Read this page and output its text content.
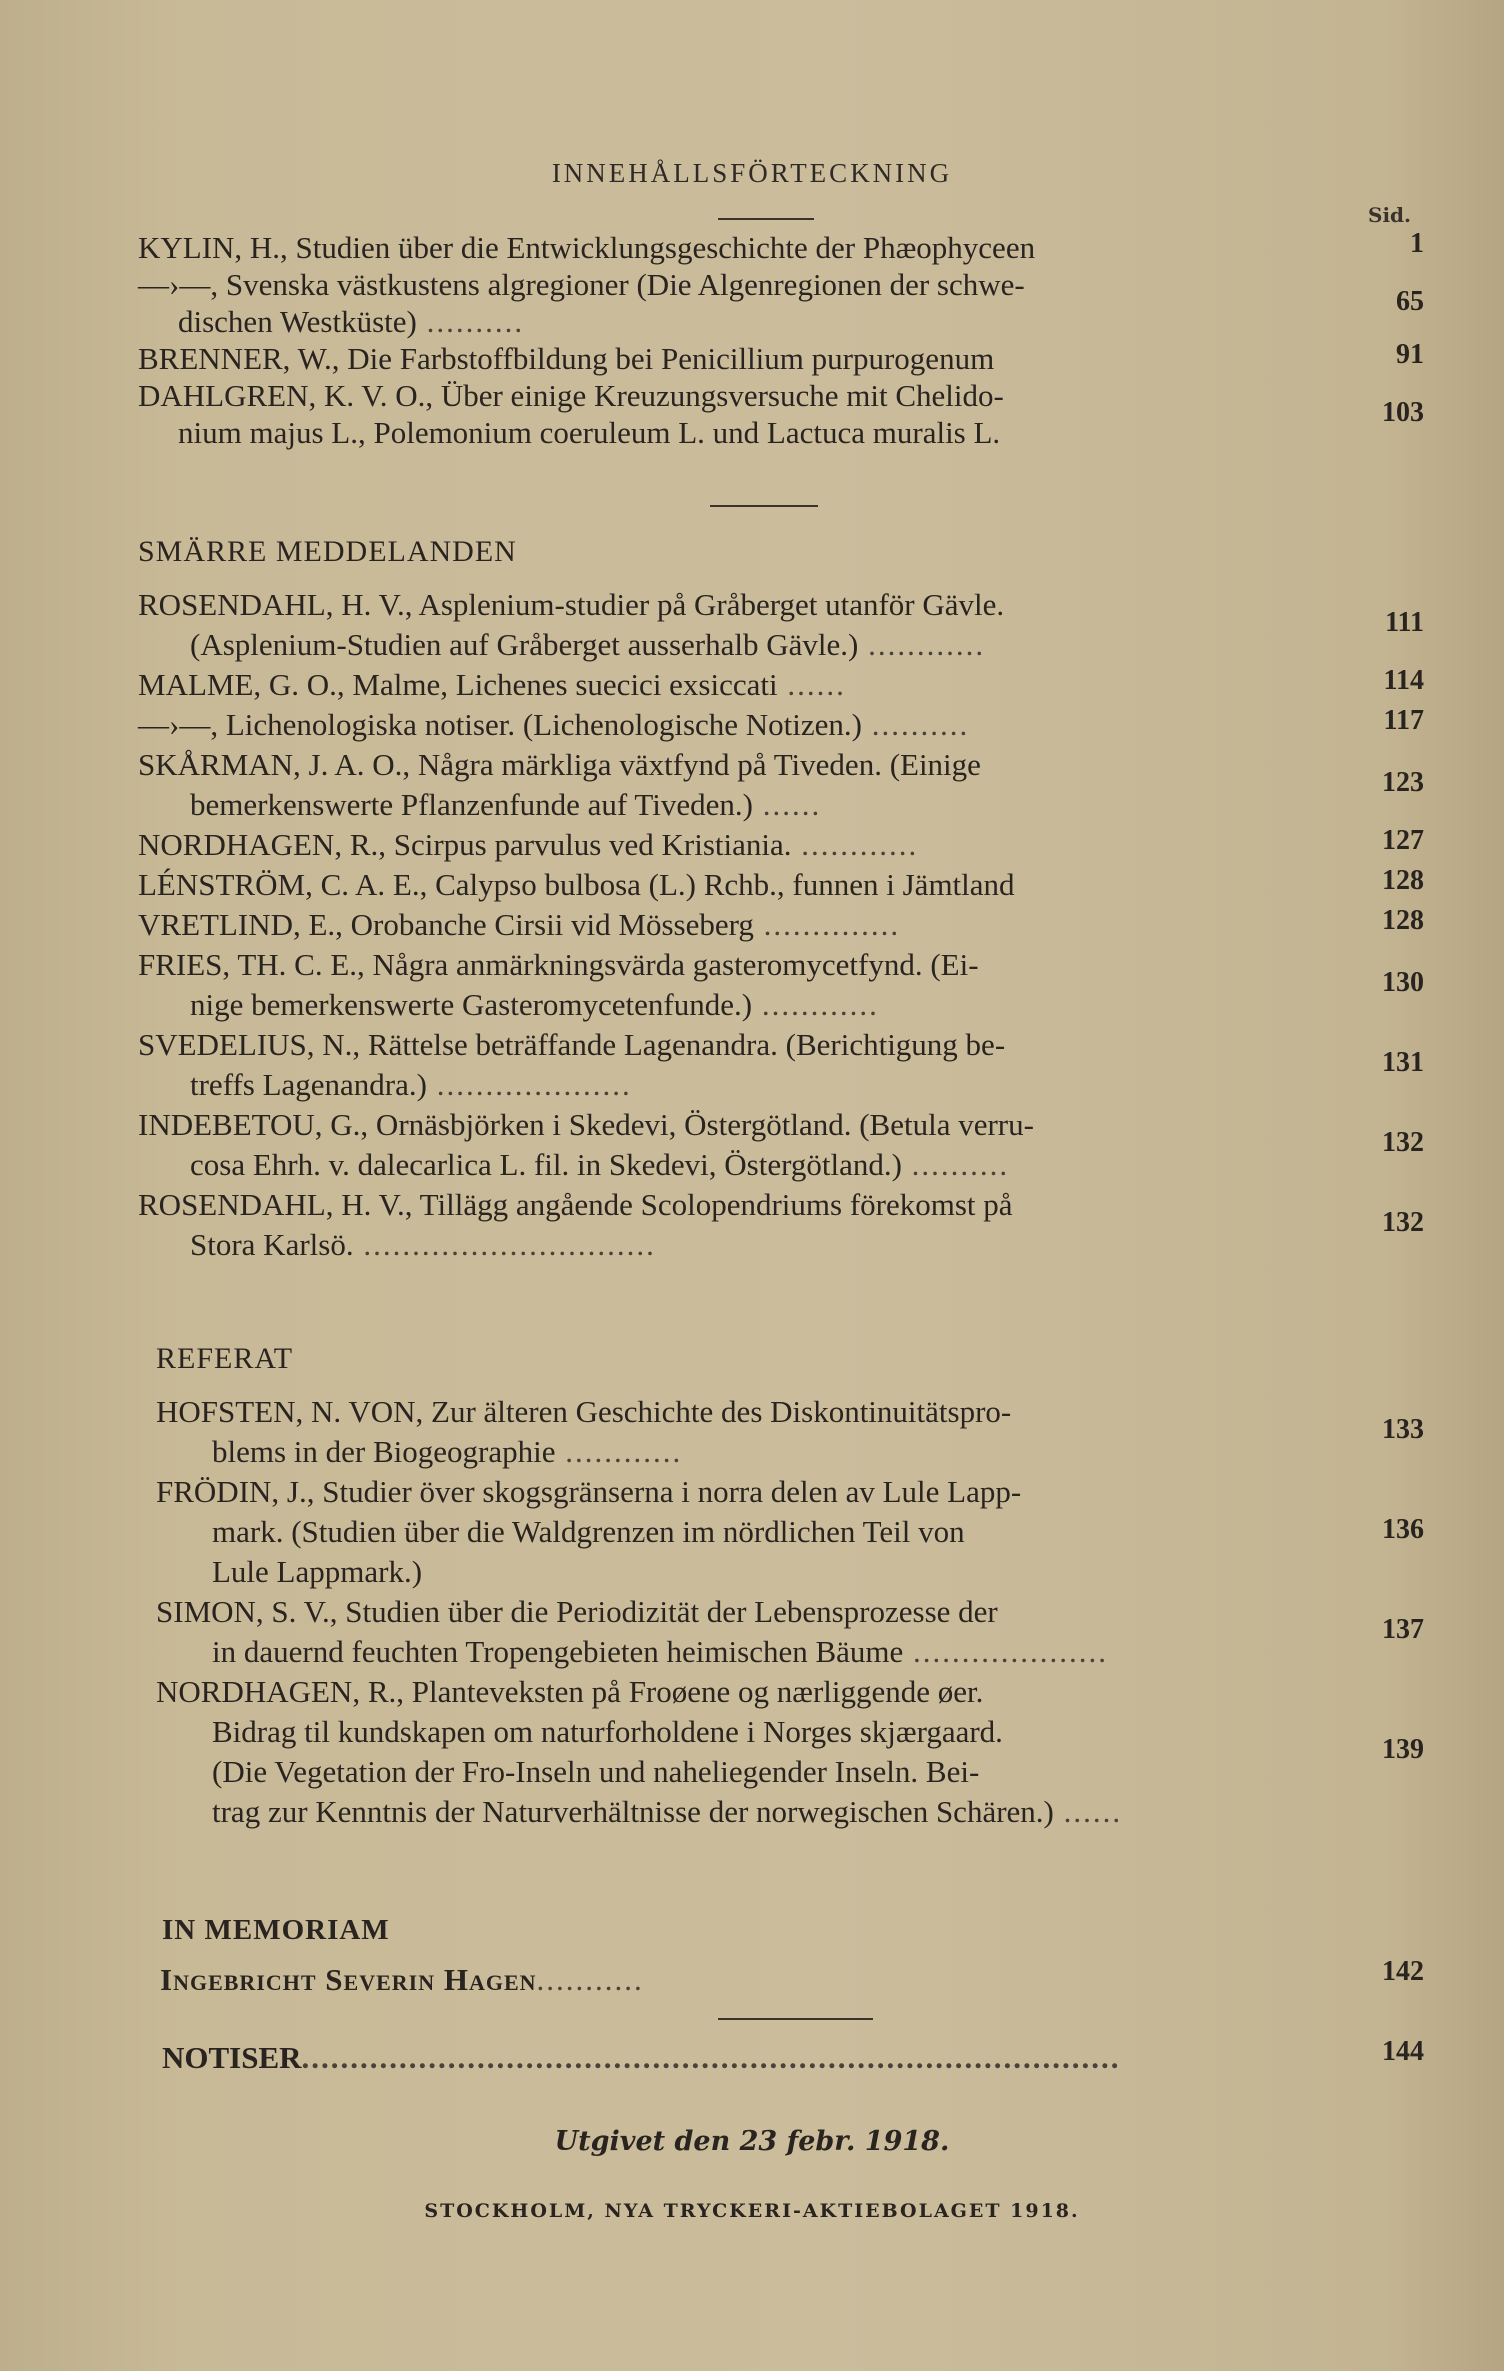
INNEHÅLLSFÖRTECKNING
Sid.
KYLIN, H., Studien über die Entwicklungsgeschichte der Phæophyceen	1
—›—, Svenska västkustens algregioner (Die Algenregionen der schwe-
dischen Westküste) ..........
65
BRENNER, W., Die Farbstoffbildung bei Penicillium purpurogenum	91
DAHLGREN, K. V. O., Über einige Kreuzungsversuche mit Chelido-
nium majus L., Polemonium coeruleum L. und Lactuca muralis L.
103
SMÄRRE MEDDELANDEN
ROSENDAHL, H. V., Asplenium-studier på Gråberget utanför Gävle.
(Asplenium-Studien auf Gråberget ausserhalb Gävle.) ............
111
MALME, G. O., Malme, Lichenes suecici exsiccati ......	114
—›—, Lichenologiska notiser. (Lichenologische Notizen.) ..........	117
SKÅRMAN, J. A. O., Några märkliga växtfynd på Tiveden. (Einige
bemerkenswerte Pflanzenfunde auf Tiveden.) ......
123
NORDHAGEN, R., Scirpus parvulus ved Kristiania. ............	127
LÉNSTRÖM, C. A. E., Calypso bulbosa (L.) Rchb., funnen i Jämtland	128
VRETLIND, E., Orobanche Cirsii vid Mösseberg ..............	128
FRIES, TH. C. E., Några anmärkningsvärda gasteromycetfynd. (Ei-
nige bemerkenswerte Gasteromycetenfunde.) ............
130
SVEDELIUS, N., Rättelse beträffande Lagenandra. (Berichtigung be-
treffs Lagenandra.) ....................
131
INDEBETOU, G., Ornäsbjörken i Skedevi, Östergötland. (Betula verru-
cosa Ehrh. v. dalecarlica L. fil. in Skedevi, Östergötland.) ..........
132
ROSENDAHL, H. V., Tillägg angående Scolopendriums förekomst på
Stora Karlsö. ..............................
132
REFERAT
HOFSTEN, N. VON, Zur älteren Geschichte des Diskontinuitätspro-
blems in der Biogeographie ............
133
FRÖDIN, J., Studier över skogsgränserna i norra delen av Lule Lapp-
mark. (Studien über die Waldgrenzen im nördlichen Teil von
Lule Lappmark.)
136
SIMON, S. V., Studien über die Periodizität der Lebensprozesse der
in dauernd feuchten Tropengebieten heimischen Bäume ....................
137
NORDHAGEN, R., Planteveksten på Froøene og nærliggende øer.
Bidrag til kundskapen om naturforholdene i Norges skjærgaard.
(Die Vegetation der Fro-Inseln und naheliegender Inseln. Bei-
trag zur Kenntnis der Naturverhältnisse der norwegischen Schären.) ......
139
IN MEMORIAM
Ingebricht Severin Hagen...........	142
NOTISER....................................................................................	144
Utgivet den 23 febr. 1918.
STOCKHOLM, NYA TRYCKERI-AKTIEBOLAGET 1918.
